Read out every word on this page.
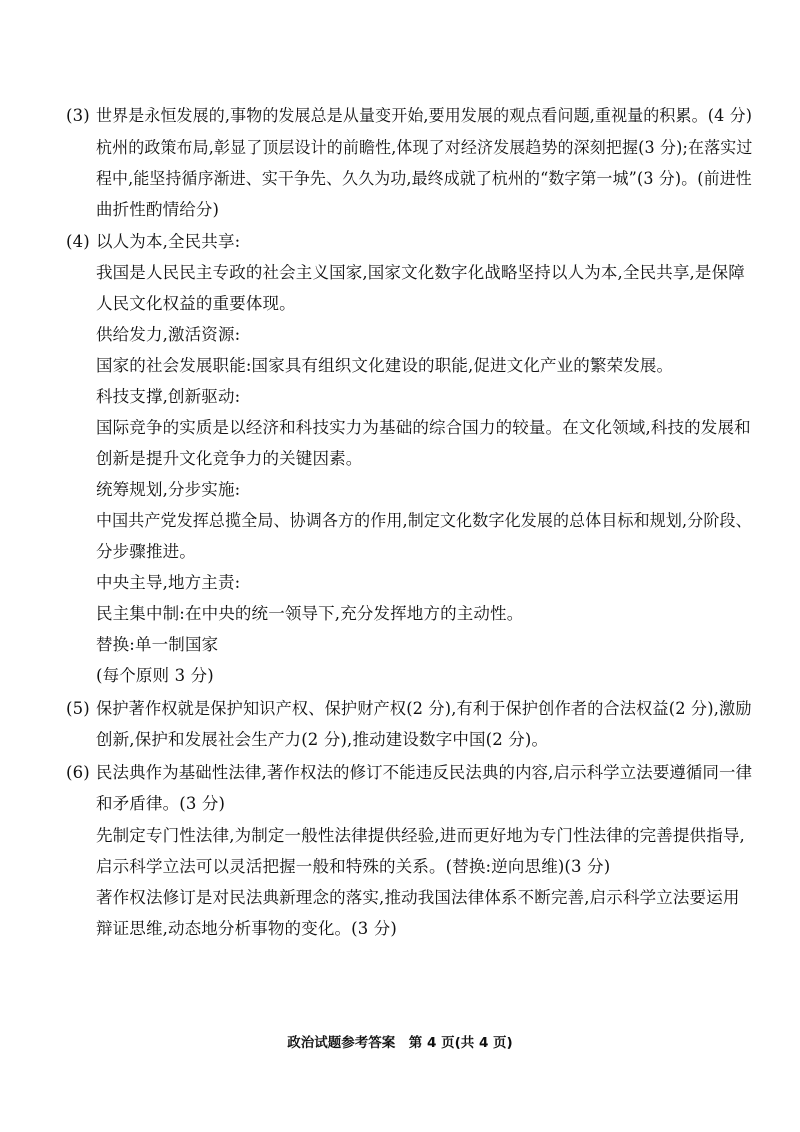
(3) 世界是永恒发展的,事物的发展总是从量变开始,要用发展的观点看问题,重视量的积累。(4 分)
杭州的政策布局,彰显了顶层设计的前瞻性,体现了对经济发展趋势的深刻把握(3 分);在落实过
程中,能坚持循序渐进、实干争先、久久为功,最终成就了杭州的“数字第一城”(3 分)。(前进性
曲折性酌情给分)
(4) 以人为本,全民共享:
我国是人民民主专政的社会主义国家,国家文化数字化战略坚持以人为本,全民共享,是保障
人民文化权益的重要体现。
供给发力,激活资源:
国家的社会发展职能:国家具有组织文化建设的职能,促进文化产业的繁荣发展。
科技支撑,创新驱动:
国际竞争的实质是以经济和科技实力为基础的综合国力的较量。在文化领域,科技的发展和
创新是提升文化竞争力的关键因素。
统筹规划,分步实施:
中国共产党发挥总揽全局、协调各方的作用,制定文化数字化发展的总体目标和规划,分阶段、
分步骤推进。
中央主导,地方主责:
民主集中制:在中央的统一领导下,充分发挥地方的主动性。
替换:单一制国家
(每个原则 3 分)
(5) 保护著作权就是保护知识产权、保护财产权(2 分),有利于保护创作者的合法权益(2 分),激励
创新,保护和发展社会生产力(2 分),推动建设数字中国(2 分)。
(6) 民法典作为基础性法律,著作权法的修订不能违反民法典的内容,启示科学立法要遵循同一律
和矛盾律。(3 分)
先制定专门性法律,为制定一般性法律提供经验,进而更好地为专门性法律的完善提供指导,
启示科学立法可以灵活把握一般和特殊的关系。(替换:逆向思维)(3 分)
著作权法修订是对民法典新理念的落实,推动我国法律体系不断完善,启示科学立法要运用
辩证思维,动态地分析事物的变化。(3 分)
政治试题参考答案　第 4 页(共 4 页)
